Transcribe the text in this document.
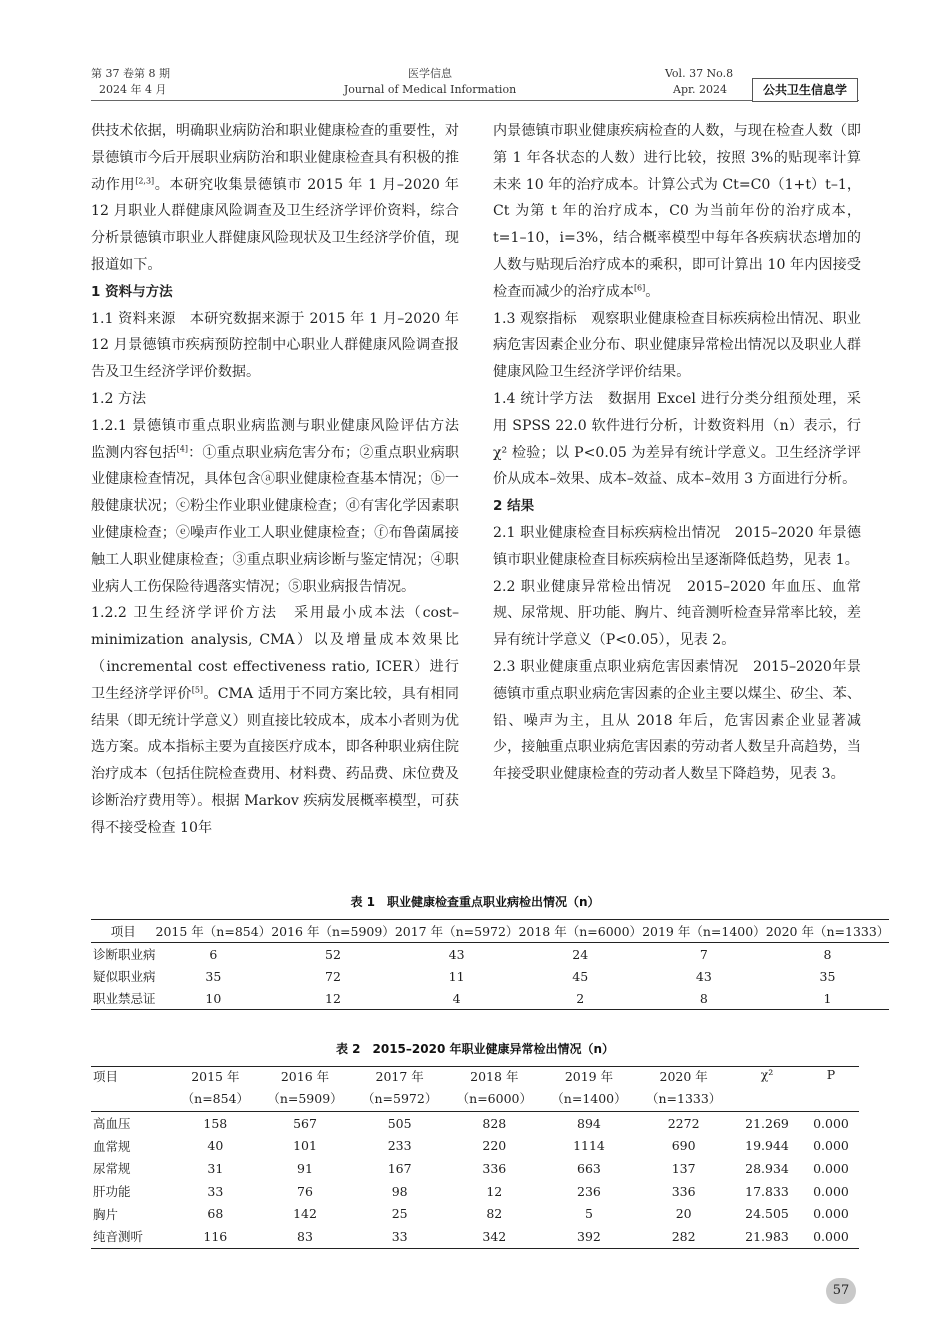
第 37 卷第 8 期
2024 年 4 月
医学信息
Journal of Medical Information
Vol. 37 No.8
Apr. 2024	公共卫生信息学

供技术依据，明确职业病防治和职业健康检查的重要性，对景德镇市今后开展职业病防治和职业健康检查具有积极的推动作用[2,3]。本研究收集景德镇市 2015 年 1 月–2020 年 12 月职业人群健康风险调查及卫生经济学评价资料，综合分析景德镇市职业人群健康风险现状及卫生经济学价值，现报道如下。

1 资料与方法

1.1 资料来源　本研究数据来源于 2015 年 1 月–2020 年 12 月景德镇市疾病预防控制中心职业人群健康风险调查报告及卫生经济学评价数据。

1.2 方法

1.2.1 景德镇市重点职业病监测与职业健康风险评估方法　监测内容包括[4]：①重点职业病危害分布；②重点职业病职业健康检查情况，具体包含ⓐ职业健康检查基本情况；ⓑ一般健康状况；ⓒ粉尘作业职业健康检查；ⓓ有害化学因素职业健康检查；ⓔ噪声作业工人职业健康检查；ⓕ布鲁菌属接触工人职业健康检查；③重点职业病诊断与鉴定情况；④职业病人工伤保险待遇落实情况；⑤职业病报告情况。

1.2.2 卫生经济学评价方法　采用最小成本法（cost–minimization analysis, CMA）以及增量成本效果比（incremental cost effectiveness ratio, ICER）进行卫生经济学评价[5]。CMA 适用于不同方案比较，具有相同结果（即无统计学意义）则直接比较成本，成本小者则为优选方案。成本指标主要为直接医疗成本，即各种职业病住院治疗成本（包括住院检查费用、材料费、药品费、床位费及诊断治疗费用等）。根据 Markov 疾病发展概率模型，可获得不接受检查 10年

内景德镇市职业健康疾病检查的人数，与现在检查人数（即第 1 年各状态的人数）进行比较，按照 3%的贴现率计算未来 10 年的治疗成本。计算公式为 Ct=C0（1+t）t–1，Ct 为第 t 年的治疗成本，C0 为当前年份的治疗成本，t=1–10，i=3%，结合概率模型中每年各疾病状态增加的人数与贴现后治疗成本的乘积，即可计算出 10 年内因接受检查而减少的治疗成本[6]。

1.3 观察指标　观察职业健康检查目标疾病检出情况、职业病危害因素企业分布、职业健康异常检出情况以及职业人群健康风险卫生经济学评价结果。

1.4 统计学方法　数据用 Excel 进行分类分组预处理，采用 SPSS 22.0 软件进行分析，计数资料用（n）表示，行 χ² 检验；以 P<0.05 为差异有统计学意义。卫生经济学评价从成本–效果、成本–效益、成本–效用 3 方面进行分析。

2 结果

2.1 职业健康检查目标疾病检出情况　2015–2020 年景德镇市职业健康检查目标疾病检出呈逐渐降低趋势，见表 1。

2.2 职业健康异常检出情况　2015–2020 年血压、血常规、尿常规、肝功能、胸片、纯音测听检查异常率比较，差异有统计学意义（P<0.05），见表 2。

2.3 职业健康重点职业病危害因素情况　2015–2020年景德镇市重点职业病危害因素的企业主要以煤尘、矽尘、苯、铅、噪声为主，且从 2018 年后，危害因素企业显著减少，接触重点职业病危害因素的劳动者人数呈升高趋势，当年接受职业健康检查的劳动者人数呈下降趋势，见表 3。

表 1　职业健康检查重点职业病检出情况（n）
项目	2015 年（n=854）	2016 年（n=5909）	2017 年（n=5972）	2018 年（n=6000）	2019 年（n=1400）	2020 年（n=1333）
诊断职业病	6	52	43	24	7	8
疑似职业病	35	72	11	45	43	35
职业禁忌证	10	12	4	2	8	1
表 2　2015–2020 年职业健康异常检出情况（n）
项目	2015 年	2016 年	2017 年	2018 年	2019 年	2020 年	χ²	P
	（n=854）	（n=5909）	（n=5972）	（n=6000）	（n=1400）	（n=1333）		
高血压	158	567	505	828	894	2272	21.269	0.000
血常规	40	101	233	220	1114	690	19.944	0.000
尿常规	31	91	167	336	663	137	28.934	0.000
肝功能	33	76	98	12	236	336	17.833	0.000
胸片	68	142	25	82	5	20	24.505	0.000
纯音测听	116	83	33	342	392	282	21.983	0.000
57
